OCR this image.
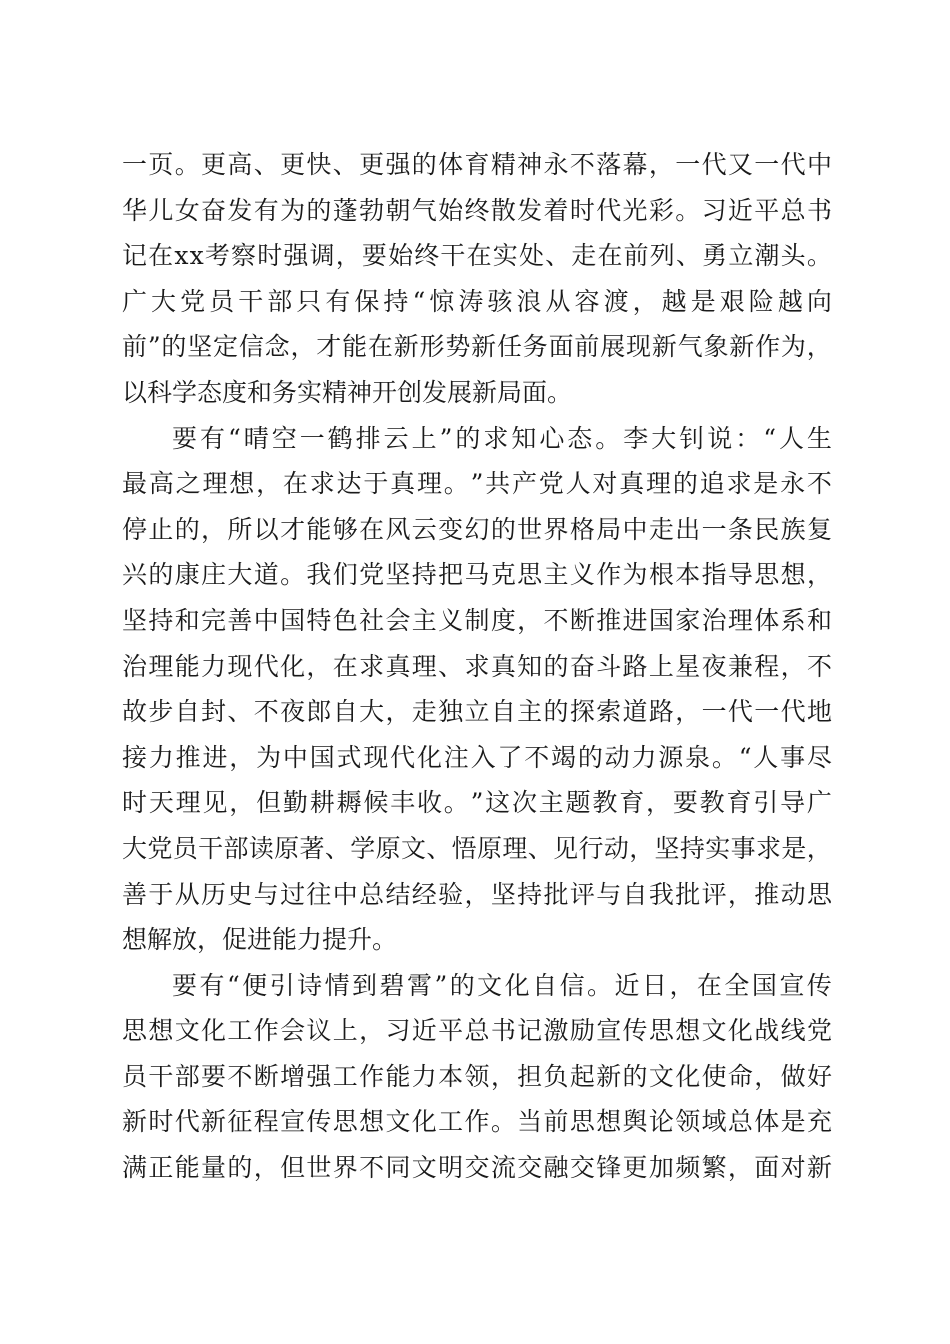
一 页 。 更 高 、 更 快 、 更 强 的 体 育 精 神 永 不 落 幕 ， 一 代 又 一 代 中
华 儿 女 奋 发 有 为 的 蓬 勃 朝 气 始 终 散 发 着 时 代 光 彩 。 习 近 平 总 书
记 在 x x 考 察 时 强 调 ， 要 始 终 干 在 实 处 、 走 在 前 列 、 勇 立 潮 头 。
广 大 党 员 干 部 只 有 保 持 “ 惊 涛 骇 浪 从 容 渡 ， 越 是 艰 险 越 向
前 ” 的 坚 定 信 念 ， 才 能 在 新 形 势 新 任 务 面 前 展 现 新 气 象 新 作 为 ，
以科学态度和务实精神开创发展新局面。
要 有 “ 晴 空 一 鹤 排 云 上 ” 的 求 知 心 态 。 李 大 钊 说 ： “ 人 生
最 高 之 理 想 ， 在 求 达 于 真 理 。 ” 共 产 党 人 对 真 理 的 追 求 是 永 不
停 止 的 ， 所 以 才 能 够 在 风 云 变 幻 的 世 界 格 局 中 走 出 一 条 民 族 复
兴 的 康 庄 大 道 。 我 们 党 坚 持 把 马 克 思 主 义 作 为 根 本 指 导 思 想 ，
坚 持 和 完 善 中 国 特 色 社 会 主 义 制 度 ， 不 断 推 进 国 家 治 理 体 系 和
治 理 能 力 现 代 化 ， 在 求 真 理 、 求 真 知 的 奋 斗 路 上 星 夜 兼 程 ， 不
故 步 自 封 、 不 夜 郎 自 大 ， 走 独 立 自 主 的 探 索 道 路 ， 一 代 一 代 地
接 力 推 进 ， 为 中 国 式 现 代 化 注 入 了 不 竭 的 动 力 源 泉 。 “ 人 事 尽
时 天 理 见 ， 但 勤 耕 耨 候 丰 收 。 ” 这 次 主 题 教 育 ， 要 教 育 引 导 广
大 党 员 干 部 读 原 著 、 学 原 文 、 悟 原 理 、 见 行 动 ， 坚 持 实 事 求 是 ，
善 于 从 历 史 与 过 往 中 总 结 经 验 ， 坚 持 批 评 与 自 我 批 评 ， 推 动 思
想解放，促进能力提升。
要 有 “ 便 引 诗 情 到 碧 霄 ” 的 文 化 自 信 。 近 日 ， 在 全 国 宣 传
思 想 文 化 工 作 会 议 上 ， 习 近 平 总 书 记 激 励 宣 传 思 想 文 化 战 线 党
员 干 部 要 不 断 增 强 工 作 能 力 本 领 ， 担 负 起 新 的 文 化 使 命 ， 做 好
新 时 代 新 征 程 宣 传 思 想 文 化 工 作 。 当 前 思 想 舆 论 领 域 总 体 是 充
满 正 能 量 的 ， 但 世 界 不 同 文 明 交 流 交 融 交 锋 更 加 频 繁 ， 面 对 新
